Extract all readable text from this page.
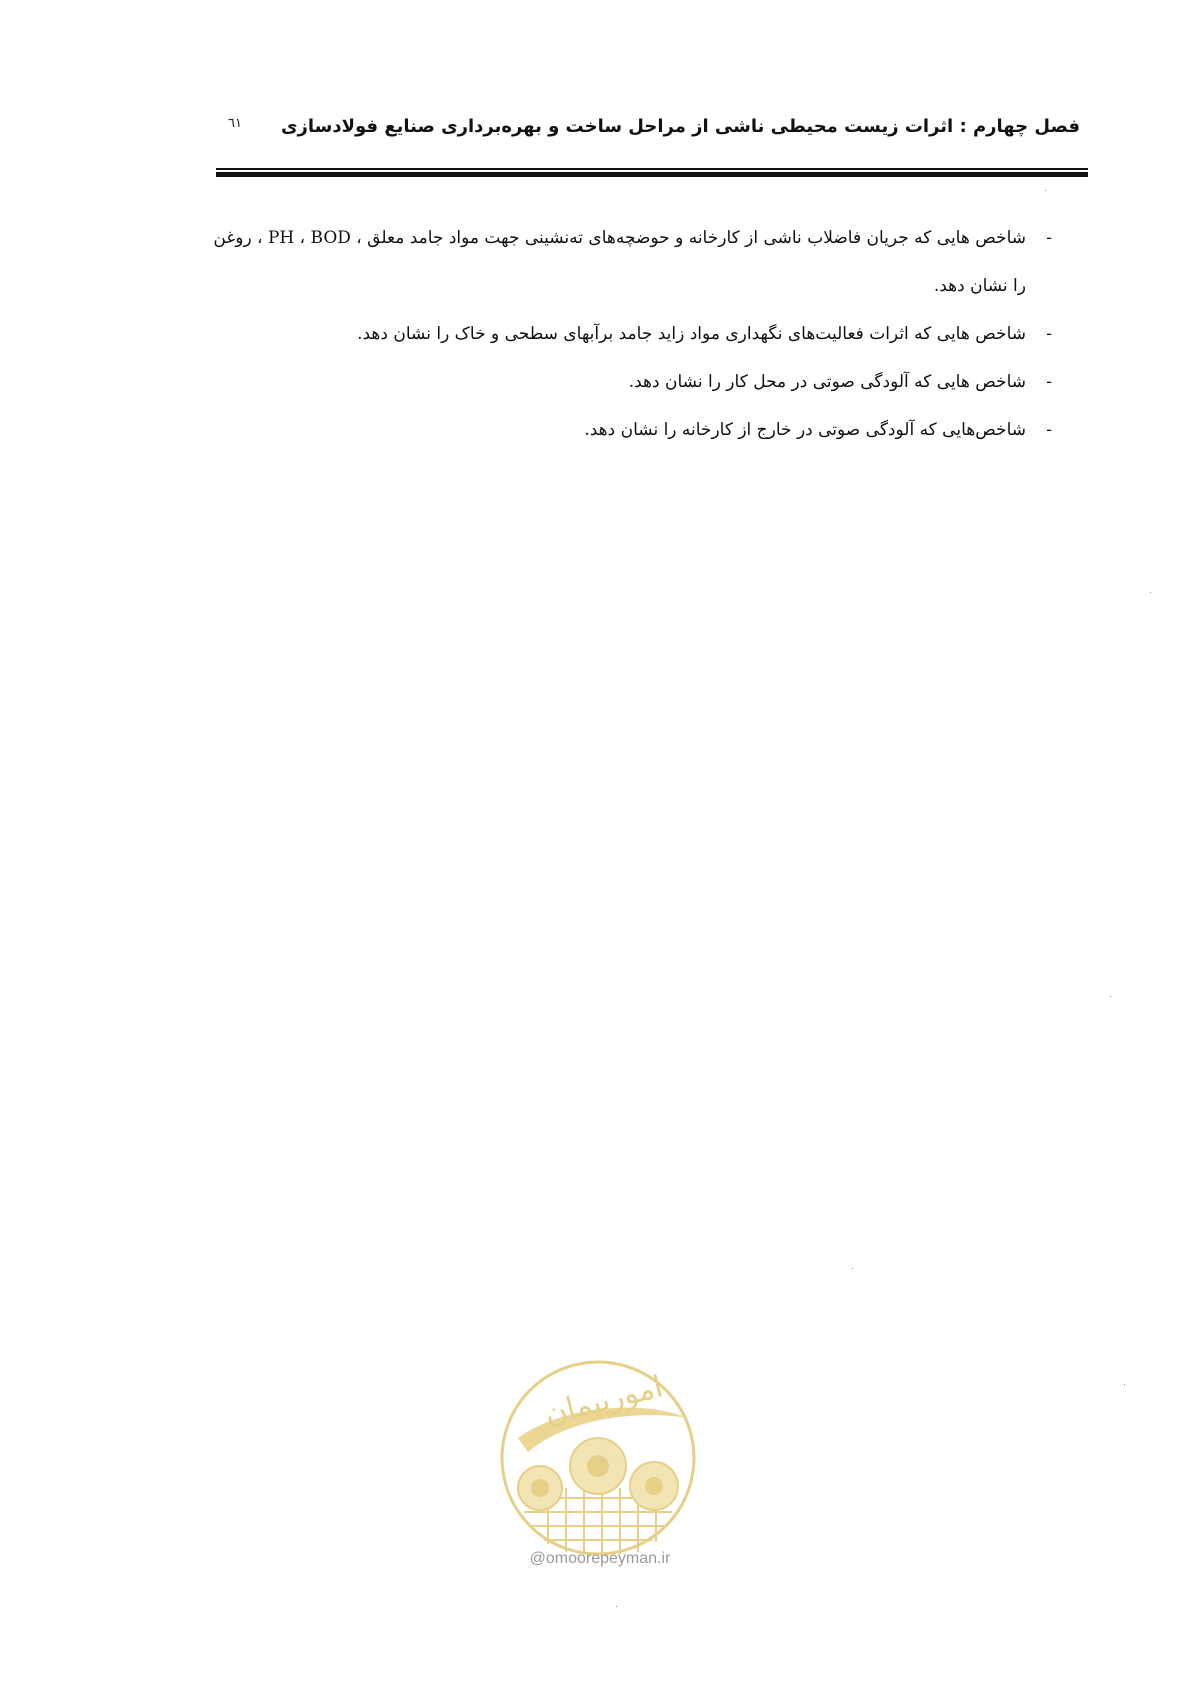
فصل چهارم : اثرات زیست محیطی ناشی از مراحل ساخت و بهره‌برداری صنایع فولادسازی
٦١
-
شاخص هایی که جریان فاضلاب ناشی از کارخانه و حوضچه‌های ته‌نشینی جهت مواد جامد معلق ، PH ، BOD ، روغن را نشان دهد.
-
شاخص هایی که اثرات فعالیت‌های نگهداری مواد زاید جامد برآبهای سطحی و خاک را نشان دهد.
-
شاخص هایی که آلودگی صوتی در محل کار را نشان دهد.
-
شاخص‌هایی که آلودگی صوتی در خارج از کارخانه را نشان دهد.
امورپیمان
@omoorepeyman.ir
